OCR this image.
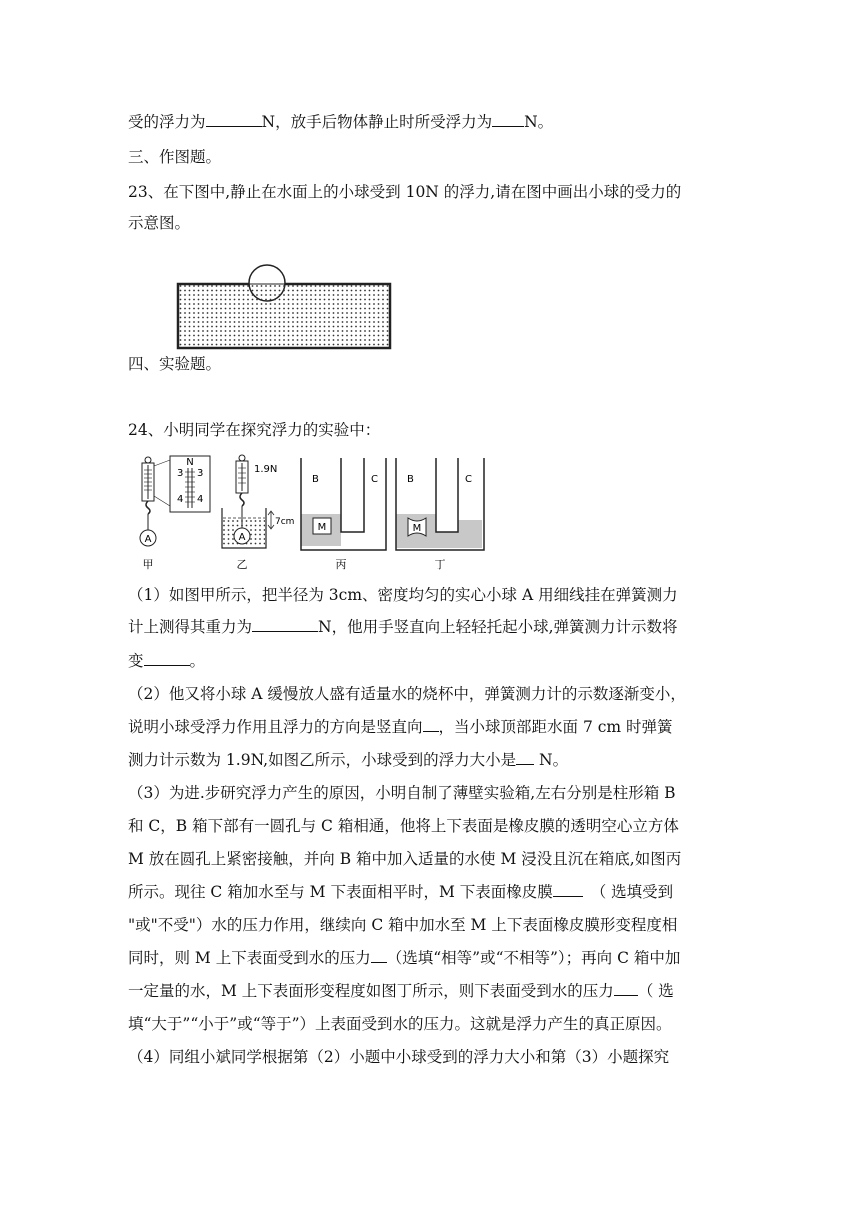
受的浮力为	N，放手后物体静止时所受浮力为 N。
三、作图题。
23、在下图中,静止在水面上的小球受到 10N 的浮力,请在图中画出小球的受力的
示意图。
四、实验题。
24、小明同学在探究浮力的实验中：
A
N
3 3
4 4
甲
1.9N
A
7cm
乙
M
B	C
丙
M
B	C
丁
（1）如图甲所示，把半径为 3cm、密度均匀的实心小球 A 用细线挂在弹簧测力
计上测得其重力为	N，他用手竖直向上轻轻托起小球,弹簧测力计示数将
变	。
（2）他又将小球 A 缓慢放人盛有适量水的烧杯中，弹簧测力计的示数逐渐变小，
说明小球受浮力作用且浮力的方向是竖直向 ，当小球顶部距水面 7 cm 时弹簧
测力计示数为 1.9N,如图乙所示，小球受到的浮力大小是 N。
（3）为进.步研究浮力产生的原因，小明自制了薄壁实验箱,左右分别是柱形箱 B
和 C，B 箱下部有一圆孔与 C 箱相通，他将上下表面是橡皮膜的透明空心立方体
M 放在圆孔上紧密接触，并向 B 箱中加入适量的水使 M 浸没且沉在箱底,如图丙
所示。现往 C 箱加水至与 M 下表面相平时，M 下表面橡皮膜 （ 选填受到
"或"不受"）水的压力作用，继续向 C 箱中加水至 M 上下表面橡皮膜形变程度相
同时，则 M 上下表面受到水的压力 （选填“相等”或“不相等”）；再向 C 箱中加
一定量的水，M 上下表面形变程度如图丁所示，则下表面受到水的压力 （ 选
填“大于”“小于”或“等于”）上表面受到水的压力。这就是浮力产生的真正原因。
（4）同组小斌同学根据第（2）小题中小球受到的浮力大小和第（3）小题探究
